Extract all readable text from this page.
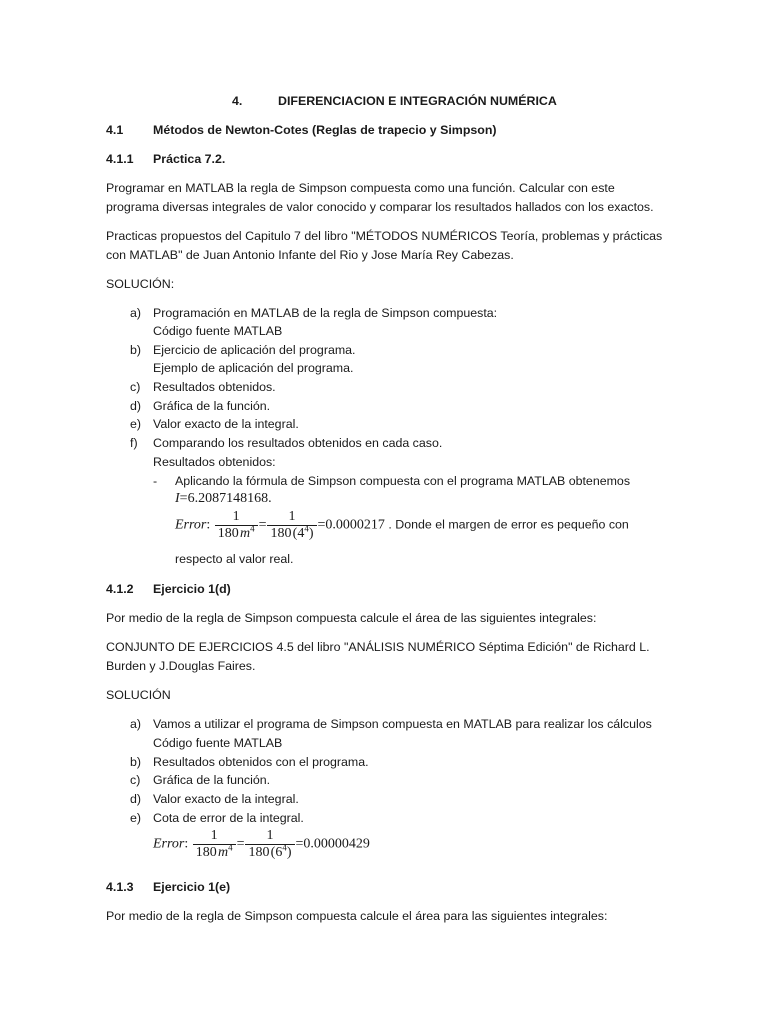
4.	DIFERENCIACION E INTEGRACIÓN NUMÉRICA
4.1 Métodos de Newton-Cotes (Reglas de trapecio y Simpson)
4.1.1 Práctica 7.2.
Programar en MATLAB la regla de Simpson compuesta como una función. Calcular con este
programa diversas integrales de valor conocido y comparar los resultados hallados con los exactos.
Practicas propuestos del Capitulo 7 del libro "MÉTODOS NUMÉRICOS Teoría, problemas y prácticas
con MATLAB" de Juan Antonio Infante del Rio y Jose María Rey Cabezas.
SOLUCIÓN:
a) Programación en MATLAB de la regla de Simpson compuesta:
Código fuente MATLAB
b) Ejercicio de aplicación del programa.
Ejemplo de aplicación del programa.
c) Resultados obtenidos.
d) Gráfica de la función.
e) Valor exacto de la integral.
f) Comparando los resultados obtenidos en cada caso.
Resultados obtenidos:
- Aplicando la fórmula de Simpson compuesta con el programa MATLAB obtenemos
I=6.2087148168.
Error: $\frac{1}{180 m^4} = \frac{1}{180 (4^4)} =0.0000217$ . Donde el margen de error es pequeño con
respecto al valor real.
4.1.2 Ejercicio 1(d)
Por medio de la regla de Simpson compuesta calcule el área de las siguientes integrales:
CONJUNTO DE EJERCICIOS 4.5 del libro "ANÁLISIS NUMÉRICO Séptima Edición" de Richard L.
Burden y J.Douglas Faires.
SOLUCIÓN
a) Vamos a utilizar el programa de Simpson compuesta en MATLAB para realizar los cálculos
Código fuente MATLAB
b) Resultados obtenidos con el programa.
c) Gráfica de la función.
d) Valor exacto de la integral.
e) Cota de error de la integral.
Error: $\frac{1}{180 m^4} = \frac{1}{180 (6^4)} =0.00000429$
4.1.3 Ejercicio 1(e)
Por medio de la regla de Simpson compuesta calcule el área para las siguientes integrales:
